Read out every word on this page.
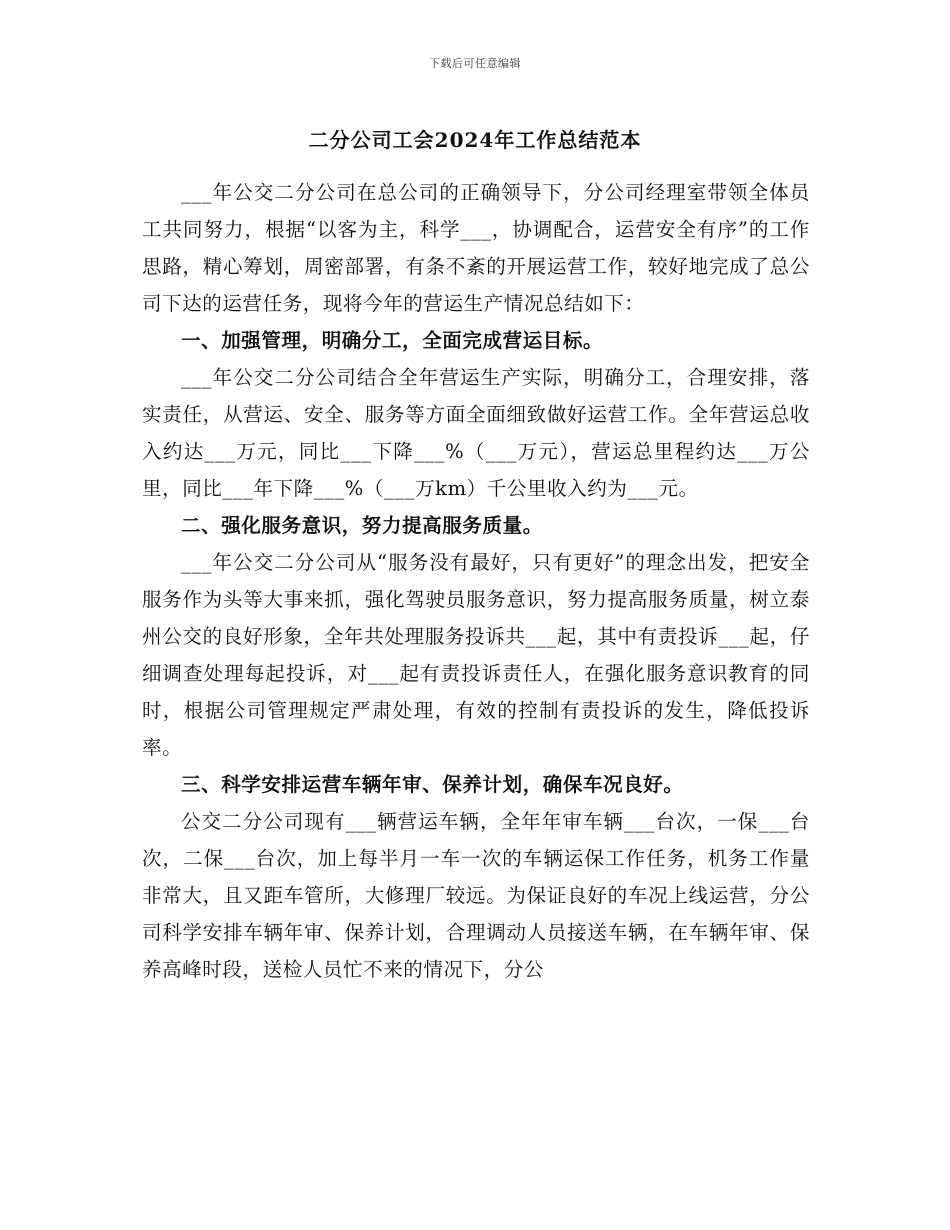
下载后可任意编辑
二分公司工会2024年工作总结范本

___年公交二分公司在总公司的正确领导下，分公司经理室带领全体员工共同努力，根据“以客为主，科学___，协调配合，运营安全有序”的工作思路，精心筹划，周密部署，有条不紊的开展运营工作，较好地完成了总公司下达的运营任务，现将今年的营运生产情况总结如下：

一、加强管理，明确分工，全面完成营运目标。

___年公交二分公司结合全年营运生产实际，明确分工，合理安排，落实责任，从营运、安全、服务等方面全面细致做好运营工作。全年营运总收入约达___万元，同比___下降___%（___万元），营运总里程约达___万公里，同比___年下降___%（___万km）千公里收入约为___元。

二、强化服务意识，努力提高服务质量。

___年公交二分公司从“服务没有最好，只有更好”的理念出发，把安全服务作为头等大事来抓，强化驾驶员服务意识，努力提高服务质量，树立泰州公交的良好形象，全年共处理服务投诉共___起，其中有责投诉___起，仔细调查处理每起投诉，对___起有责投诉责任人，在强化服务意识教育的同时，根据公司管理规定严肃处理，有效的控制有责投诉的发生，降低投诉率。

三、科学安排运营车辆年审、保养计划，确保车况良好。

公交二分公司现有___辆营运车辆，全年年审车辆___台次，一保___台次，二保___台次，加上每半月一车一次的车辆运保工作任务，机务工作量非常大，且又距车管所，大修理厂较远。为保证良好的车况上线运营，分公司科学安排车辆年审、保养计划，合理调动人员接送车辆，在车辆年审、保养高峰时段，送检人员忙不来的情况下，分公
